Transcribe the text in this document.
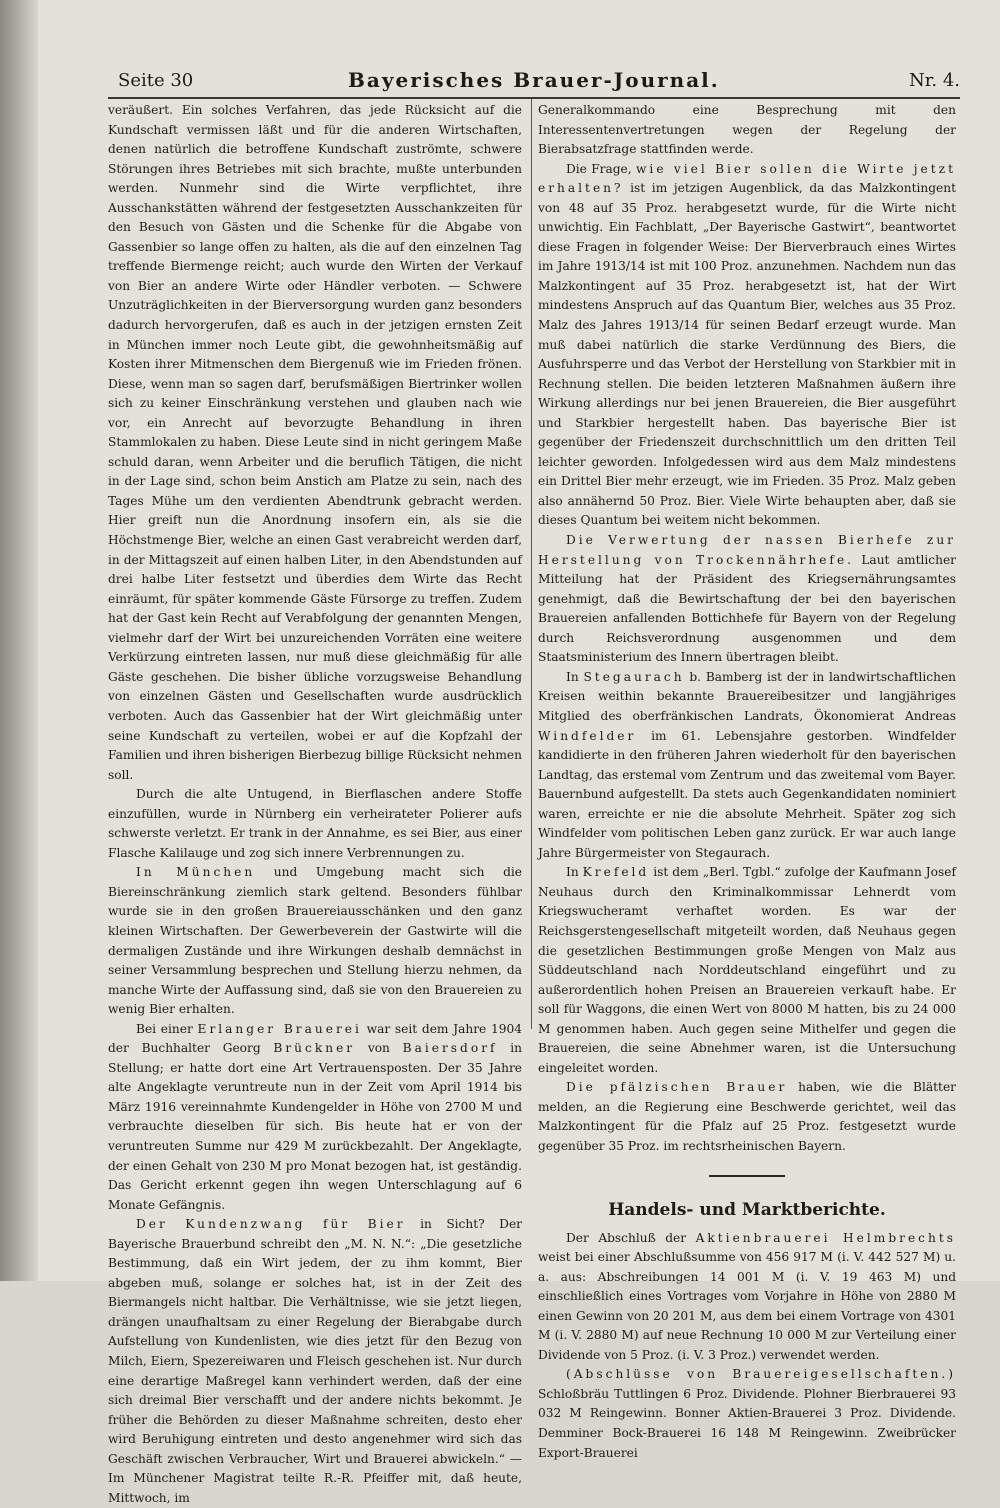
Seite 30	Bayerisches Brauer-Journal.	Nr. 4.

veräußert. Ein solches Verfahren, das jede Rücksicht auf die Kundschaft vermissen läßt und für die anderen Wirtschaften, denen natürlich die betroffene Kundschaft zuströmte, schwere Störungen ihres Betriebes mit sich brachte, mußte unterbunden werden. Nunmehr sind die Wirte verpflichtet, ihre Ausschankstätten während der festgesetzten Ausschankzeiten für den Besuch von Gästen und die Schenke für die Abgabe von Gassenbier so lange offen zu halten, als die auf den einzelnen Tag treffende Biermenge reicht; auch wurde den Wirten der Verkauf von Bier an andere Wirte oder Händler verboten. — Schwere Unzuträglichkeiten in der Bierversorgung wurden ganz besonders dadurch hervorgerufen, daß es auch in der jetzigen ernsten Zeit in München immer noch Leute gibt, die gewohnheitsmäßig auf Kosten ihrer Mitmenschen dem Biergenuß wie im Frieden frönen. Diese, wenn man so sagen darf, berufsmäßigen Biertrinker wollen sich zu keiner Einschränkung verstehen und glauben nach wie vor, ein Anrecht auf bevorzugte Behandlung in ihren Stammlokalen zu haben. Diese Leute sind in nicht geringem Maße schuld daran, wenn Arbeiter und die beruflich Tätigen, die nicht in der Lage sind, schon beim Anstich am Platze zu sein, nach des Tages Mühe um den verdienten Abendtrunk gebracht werden. Hier greift nun die Anordnung insofern ein, als sie die Höchstmenge Bier, welche an einen Gast verabreicht werden darf, in der Mittagszeit auf einen halben Liter, in den Abendstunden auf drei halbe Liter festsetzt und überdies dem Wirte das Recht einräumt, für später kommende Gäste Fürsorge zu treffen. Zudem hat der Gast kein Recht auf Verabfolgung der genannten Mengen, vielmehr darf der Wirt bei unzureichenden Vorräten eine weitere Verkürzung eintreten lassen, nur muß diese gleichmäßig für alle Gäste geschehen. Die bisher übliche vorzugsweise Behandlung von einzelnen Gästen und Gesellschaften wurde ausdrücklich verboten. Auch das Gassenbier hat der Wirt gleichmäßig unter seine Kundschaft zu verteilen, wobei er auf die Kopfzahl der Familien und ihren bisherigen Bierbezug billige Rücksicht nehmen soll.

Durch die alte Untugend, in Bierflaschen andere Stoffe einzufüllen, wurde in Nürnberg ein verheirateter Polierer aufs schwerste verletzt. Er trank in der Annahme, es sei Bier, aus einer Flasche Kalilauge und zog sich innere Verbrennungen zu.

In München und Umgebung macht sich die Biereinschränkung ziemlich stark geltend. Besonders fühlbar wurde sie in den großen Brauereiausschänken und den ganz kleinen Wirtschaften. Der Gewerbeverein der Gastwirte will die dermaligen Zustände und ihre Wirkungen deshalb demnächst in seiner Versammlung besprechen und Stellung hierzu nehmen, da manche Wirte der Auffassung sind, daß sie von den Brauereien zu wenig Bier erhalten.

Bei einer Erlanger Brauerei war seit dem Jahre 1904 der Buchhalter Georg Brückner von Baiersdorf in Stellung; er hatte dort eine Art Vertrauensposten. Der 35 Jahre alte Angeklagte veruntreute nun in der Zeit vom April 1914 bis März 1916 vereinnahmte Kundengelder in Höhe von 2700 M und verbrauchte dieselben für sich. Bis heute hat er von der veruntreuten Summe nur 429 M zurückbezahlt. Der Angeklagte, der einen Gehalt von 230 M pro Monat bezogen hat, ist geständig. Das Gericht erkennt gegen ihn wegen Unterschlagung auf 6 Monate Gefängnis.

Der Kundenzwang für Bier in Sicht? Der Bayerische Brauerbund schreibt den „M. N. N.“: „Die gesetzliche Bestimmung, daß ein Wirt jedem, der zu ihm kommt, Bier abgeben muß, solange er solches hat, ist in der Zeit des Biermangels nicht haltbar. Die Verhältnisse, wie sie jetzt liegen, drängen unaufhaltsam zu einer Regelung der Bierabgabe durch Aufstellung von Kundenlisten, wie dies jetzt für den Bezug von Milch, Eiern, Spezereiwaren und Fleisch geschehen ist. Nur durch eine derartige Maßregel kann verhindert werden, daß der eine sich dreimal Bier verschafft und der andere nichts bekommt. Je früher die Behörden zu dieser Maßnahme schreiten, desto eher wird Beruhigung eintreten und desto angenehmer wird sich das Geschäft zwischen Verbraucher, Wirt und Brauerei abwickeln.“ — Im Münchener Magistrat teilte R.-R. Pfeiffer mit, daß heute, Mittwoch, im

Generalkommando eine Besprechung mit den Interessentenvertretungen wegen der Regelung der Bierabsatzfrage stattfinden werde.

Die Frage, wie viel Bier sollen die Wirte jetzt erhalten? ist im jetzigen Augenblick, da das Malzkontingent von 48 auf 35 Proz. herabgesetzt wurde, für die Wirte nicht unwichtig. Ein Fachblatt, „Der Bayerische Gastwirt“, beantwortet diese Fragen in folgender Weise: Der Bierverbrauch eines Wirtes im Jahre 1913/14 ist mit 100 Proz. anzunehmen. Nachdem nun das Malzkontingent auf 35 Proz. herabgesetzt ist, hat der Wirt mindestens Anspruch auf das Quantum Bier, welches aus 35 Proz. Malz des Jahres 1913/14 für seinen Bedarf erzeugt wurde. Man muß dabei natürlich die starke Verdünnung des Biers, die Ausfuhrsperre und das Verbot der Herstellung von Starkbier mit in Rechnung stellen. Die beiden letzteren Maßnahmen äußern ihre Wirkung allerdings nur bei jenen Brauereien, die Bier ausgeführt und Starkbier hergestellt haben. Das bayerische Bier ist gegenüber der Friedenszeit durchschnittlich um den dritten Teil leichter geworden. Infolgedessen wird aus dem Malz mindestens ein Drittel Bier mehr erzeugt, wie im Frieden. 35 Proz. Malz geben also annähernd 50 Proz. Bier. Viele Wirte behaupten aber, daß sie dieses Quantum bei weitem nicht bekommen.

Die Verwertung der nassen Bierhefe zur Herstellung von Trockennährhefe. Laut amtlicher Mitteilung hat der Präsident des Kriegsernährungsamtes genehmigt, daß die Bewirtschaftung der bei den bayerischen Brauereien anfallenden Bottichhefe für Bayern von der Regelung durch Reichsverordnung ausgenommen und dem Staatsministerium des Innern übertragen bleibt.

In Stegaurach b. Bamberg ist der in landwirtschaftlichen Kreisen weithin bekannte Brauereibesitzer und langjähriges Mitglied des oberfränkischen Landrats, Ökonomierat Andreas Windfelder im 61. Lebensjahre gestorben. Windfelder kandidierte in den früheren Jahren wiederholt für den bayerischen Landtag, das erstemal vom Zentrum und das zweitemal vom Bayer. Bauernbund aufgestellt. Da stets auch Gegenkandidaten nominiert waren, erreichte er nie die absolute Mehrheit. Später zog sich Windfelder vom politischen Leben ganz zurück. Er war auch lange Jahre Bürgermeister von Stegaurach.

In Krefeld ist dem „Berl. Tgbl.“ zufolge der Kaufmann Josef Neuhaus durch den Kriminalkommissar Lehnerdt vom Kriegswucheramt verhaftet worden. Es war der Reichsgerstengesellschaft mitgeteilt worden, daß Neuhaus gegen die gesetzlichen Bestimmungen große Mengen von Malz aus Süddeutschland nach Norddeutschland eingeführt und zu außerordentlich hohen Preisen an Brauereien verkauft habe. Er soll für Waggons, die einen Wert von 8000 M hatten, bis zu 24 000 M genommen haben. Auch gegen seine Mithelfer und gegen die Brauereien, die seine Abnehmer waren, ist die Untersuchung eingeleitet worden.

Die pfälzischen Brauer haben, wie die Blätter melden, an die Regierung eine Beschwerde gerichtet, weil das Malzkontingent für die Pfalz auf 25 Proz. festgesetzt wurde gegenüber 35 Proz. im rechtsrheinischen Bayern.

Handels- und Marktberichte.

Der Abschluß der Aktienbrauerei Helmbrechts weist bei einer Abschlußsumme von 456 917 M (i. V. 442 527 M) u. a. aus: Abschreibungen 14 001 M (i. V. 19 463 M) und einschließlich eines Vortrages vom Vorjahre in Höhe von 2880 M einen Gewinn von 20 201 M, aus dem bei einem Vortrage von 4301 M (i. V. 2880 M) auf neue Rechnung 10 000 M zur Verteilung einer Dividende von 5 Proz. (i. V. 3 Proz.) verwendet werden.

(Abschlüsse von Brauereigesellschaften.) Schloßbräu Tuttlingen 6 Proz. Dividende. Plohner Bierbrauerei 93 032 M Reingewinn. Bonner Aktien-Brauerei 3 Proz. Dividende. Demminer Bock-Brauerei 16 148 M Reingewinn. Zweibrücker Export-Brauerei
